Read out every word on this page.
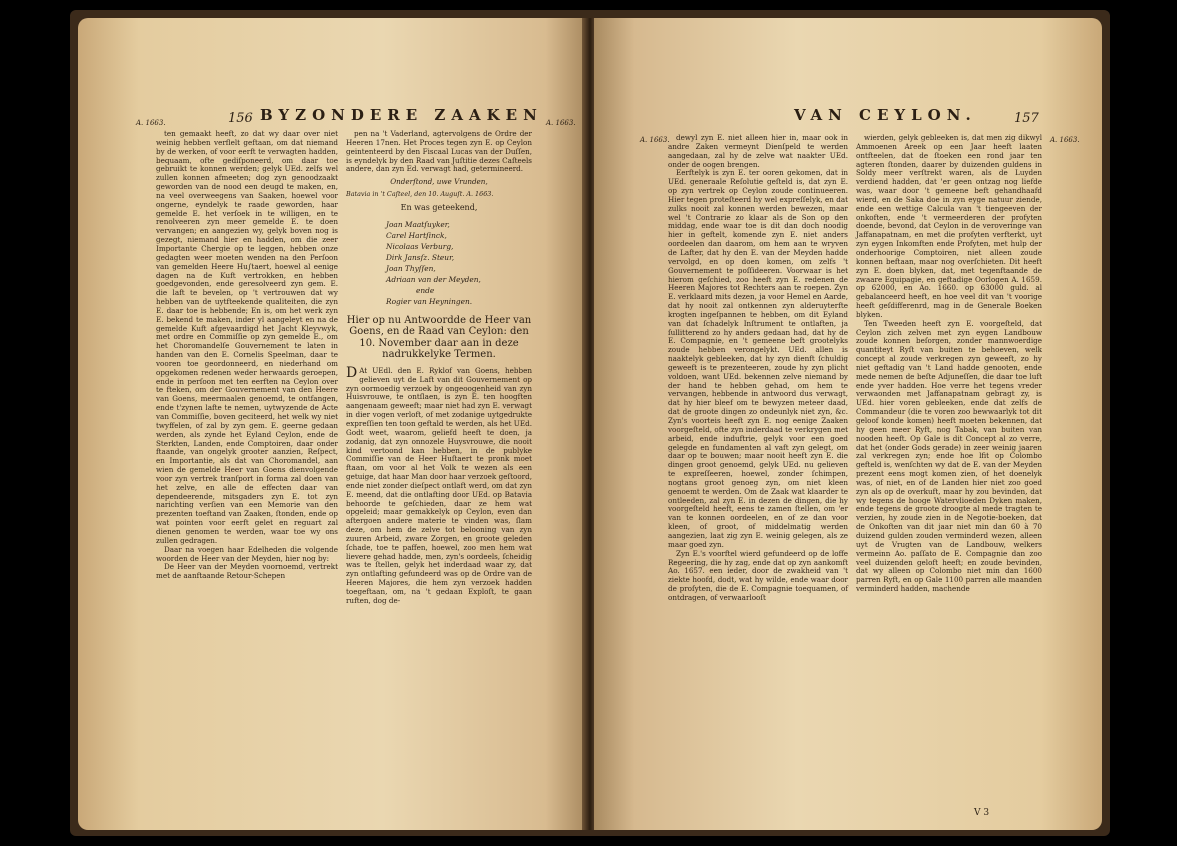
156 BYZONDERE ZAAKEN
A. 1663.	A. 1663.

ten gemaakt heeft, zo dat wy daar over niet weinig hebben verflelt geftaan, om dat niemand by de werken, of voor eerft te verwagten hadden, bequaam, ofte gediſponeerd, om daar toe gebruikt te konnen werden; gelyk UEd. zelfs wel zullen konnen afmeeten; dog zyn genoodzaakt geworden van de nood een deugd te maken, en, na veel overweegens van Saaken, hoewel voor ongerne, eyndelyk te raade geworden, haar gemelde E. het verſoek in te willigen, en te renolveeren zyn meer gemelde E. te doen vervangen; en aangezien wy, gelyk boven nog is gezegt, niemand hier en hadden, om die zeer Importante Chergie op te leggen, hebben onze gedagten weer moeten wenden na den Perſoon van gemelden Heere Hu∫taert, hoewel al eenige dagen na de Kuft vertrokken, en hebben goedgevonden, ende geresolveerd zyn gem. E. die laft te bevelen, op 't vertrouwen dat wy hebben van de uytfteekende qualiteiten, die zyn E. daar toe is hebbende; En is, om het werk zyn E. bekend te maken, inder yl aangeleyt en na de gemelde Kuft afgevaardigd het Jacht Kleyvwyk, met ordre en Commiſſie op zyn gemelde E., om het Choromandelſe Gouvernement te laten in handen van den E. Cornelis Speelman, daar te vooren toe geordonneerd, en niederhand om opgekomen redenen weder herwaards geroepen, ende in perſoon met ten eerften na Ceylon over te fteken, om der Gouvernement van den Heere van Goens, meermaalen genoemd, te ontfangen, ende t'zynen lafte te nemen, uytwyzende de Acte van Commiſſie, boven geciteerd, het welk wy niet twyffelen, of zal by zyn gem. E. geerne gedaan werden, als zynde het Eyland Ceylon, ende de Sterkten, Landen, ende Comptoiren, daar onder ftaande, van ongelyk grooter aanzien, Reſpect, en Importantie, als dat van Choromandel, aan wien de gemelde Heer van Goens dienvolgende voor zyn vertrek tranſport in forma zal doen van het zelve, en alle de effecten daar van dependeerende, mitsgaders zyn E. tot zyn narichting verſien van een Memorie van den prezenten toeftand van Zaaken, ſtonden, ende op wat pointen voor eerft gelet en reguart zal dienen genomen te werden, waar toe wy ons zullen gedragen.

Daar na voegen haar Edelheden die volgende woorden de Heer van der Meyden, hier nog by:

De Heer van der Meyden voornoemd, vertrekt met de aanftaande Retour-Schepen

pen na 't Vaderland, agtervolgens de Ordre der Heeren 17nen. Het Proces tegen zyn E. op Ceylon geintenteerd by den Fiscaal Lucas van der Duſſen, is eyndelyk by den Raad van Juſtitie dezes Caſteels andere, dan zyn Ed. verwagt had, getermineerd.

Onderſtond, uwe Vrunden,
Batavia in 't Caſteel, den 10. Auguſt. A. 1663.
En was geteekend,
Joan Maatſuyker,
Carel Hartſinck,
Nicolaas Verburg,
Dirk Jansſz. Steur,
Joan Thyſſen,
Adriaan van der Meyden,
ende
Rogier van Heyningen.
Hier op nu Antwoordde de Heer van Goens, en de Raad van Ceylon: den 10. November daar aan in deze nadrukkelyke Termen.

D At UEdl. den E. Ryklof van Goens, hebben gelieven uyt de Laft van dit Gouvernement op zyn oormoedig verzoek by ongeoogenheid van zyn Huisvrouwe, te ontſlaen, is zyn E. ten hoogften aangenaam geweeft; maar niet had zyn E. verwagt in dier vogen verloft, of met zodanige uytgedrukte expreſſien ten toon geftald te werden, als het UEd. Godt weet, waarom, geliefd heeft te doen, ja zodanig, dat zyn onnozele Huysvrouwe, die nooit kind vertoond kan hebben, in de publyke Commiſſie van de Heer Huſtaert te pronk moet ftaan, om voor al het Volk te wezen als een getuige, dat haar Man door haar verzoek geſtoord, ende niet zonder dieſpect ontlaft werd, om dat zyn E. meend, dat die ontlafting door UEd. op Batavia behoorde te geſchieden, daar ze hem wat opgeleid; maar gemakkelyk op Ceylon, even dan aftergoen andere materie te vinden was, ſlam deze, om hem de zelve tot belooning van zyn zuuren Arbeid, zware Zorgen, en groote geleden ſchade, toe te paffen, hoewel, zoo men hem wat lievere gehad hadde, men, zyn's oordeels, ſcheidig was te ſtellen, gelyk het inderdaad waar zy, dat zyn ontlafting gefundeerd was op de Ordre van de Heeren Majores, die hem zyn verzoek hadden toegeftaan, om, na 't gedaan Exploſt, te gaan ruften, dog de-

VAN CEYLON.	157
A. 1663.	A. 1663.

dewyl zyn E. niet alleen hier in, maar ook in andre Zaken vermeynt Dienſpeld te werden aangedaan, zal hy de zelve wat naakter UEd. onder de oogen brengen.

Eerftelyk is zyn E. ter ooren gekomen, dat in UEd. generaale Reſolutie geſteld is, dat zyn E. op zyn vertrek op Ceylon zoude continueeren. Hier tegen proteſteerd hy wel expreſſelyk, en dat zulks nooit zal konnen werden bewezen, maar wel 't Contrarie zo klaar als de Son op den middag, ende waar toe is dit dan doch noodig hier in geftelt, komende zyn E. niet anders oordeelen dan daarom, om hem aan te wryven de Lafter, dat hy den E. van der Meyden hadde vervolgd, en op doen komen, om zelfs 't Gouvernement te poſſideeren. Voorwaar is het hierom geſchied, zoo heeft zyn E. redenen de Heeren Majores tot Rechters aan te roepen. Zyn E. verklaard mits dezen, ja voor Hemel en Aarde, dat hy nooit zal ontkennen zyn alderuyterfte krogten ingeſpannen te hebben, om dit Eyland van dat ſchadelyk Inſtrument te ontlaften, ja ſullitterend zo hy anders gedaan had, dat hy de E. Compagnie, en 't gemeene beft grootelyks zoude hebben verongelykt. UEd. allen is naaktelyk gebleeken, dat hy zyn dienft ſchuldig geweeft is te prezenteeren, zoude hy zyn plicht voldoen, want UEd. bekennen zelve niemand by der hand te hebben gehad, om hem te vervangen, hebbende in antwoord dus verwagt, dat hy hier bleef om te bewyzen meteer daad, dat de groote dingen zo ondeunlyk niet zyn, &c. Zyn's voorteis heeft zyn E. nog eenige Zaaken voorgeſteld, ofte zyn inderdaad te verkrygen met arbeid, ende induftrie, gelyk voor een goed gelegde en fundamenten al vaft zyn gelegt, om daar op te bouwen; maar nooit heeft zyn E. die dingen groot genoemd, gelyk UEd. nu gelieven te expreſſeeren, hoewel, zonder ſchimpen, nogtans groot genoeg zyn, om niet kleen genoemt te werden. Om de Zaak wat klaarder te ontleeden, zal zyn E. in dezen de dingen, die hy voorgeſteld heeft, eens te zamen ſtellen, om 'er van te konnen oordeelen, en of ze dan voor kleen, of groot, of middelmatig werden aangezien, laat zig zyn E. weinig gelegen, als ze maar goed zyn.

Zyn E.'s voorftel wierd gefundeerd op de loffe Regeering, die hy zag, ende dat op zyn aankomft Ao. 1657. een ieder, door de zwakheid van 't ziekte hoofd, dodt, wat hy wilde, ende waar door de proſyten, die de E. Compagnie toequamen, of ontdragen, of verwaarlooſt

wierden, gelyk gebleeken is, dat men zig dikwyl Ammoenen Areek op een Jaar heeft laaten ontfteelen, dat de ſtoeken een rond jaar ten agteren ſtonden, daarer by duizenden guldens in Soldy meer verſtrekt waren, als de Luyden verdiend hadden, dat 'er geen ontzag nog liefde was, waar door 't gemeene beft gehandhaafd wierd, en de Saka doe in zyn eyge natuur ziende, ende een wettige Calcula van 't tiengeeven der onkoften, ende 't vermeerderen der profyten doende, bevond, dat Ceylon in de veroveringe van Jaffanapatnam, en met die profyten verfterkt, uyt zyn eygen Inkomften ende Profyten, met hulp der onderhoorige Comptoiren, niet alleen zoude konnen beftaan, maar nog overſchieten. Dit heeft zyn E. doen blyken, dat, met tegenftaande de zwaare Equipagie, en geftadige Oorlogen A. 1659. op 62000, en Ao. 1660. op 63000 guld. al gebalanceerd heeft, en hoe veel dit van 't voorige heeft geſdifferenrd, mag in de Generale Boeken blyken.

Ten Tweeden heeft zyn E. voorgeſteld, dat Ceylon zich zelven met zyn eygen Landbouw zoude konnen beſorgen, zonder mannwoerdige quantiteyt Ryſt van buiten te behoeven, welk concept al zoude verkregen zyn geweeft, zo hy niet geftadig van 't Land hadde genooten, ende mede nemen de beſte Adjuneſſen, die daar toe luft ende yver hadden. Hoe verre het tegens vreder verwaonden met Jaffanapatnam gebragt zy, is UEd. hier voren gebleeken, ende dat zelfs de Commandeur (die te voren zoo bewwaarlyk tot dit geloof konde komen) heeft moeten bekennen, dat hy geen meer Ryft, nog Tabak, van buiten van nooden heeft. Op Gale is dit Concept al zo verre, dat het (onder Gods gerade) in zeer weinig jaaren zal verkregen zyn; ende hoe lfit op Colombo gefteld is, wenſchten wy dat de E. van der Meyden prezent eens mogt komen zien, of het doenelyk was, of niet, en of de Landen hier niet zoo goed zyn als op de overkuft, maar hy zou bevinden, dat wy tegens de hooge Watervlioeden Dyken maken, ende tegens de groote droogte al mede tragten te verzien, hy zoude zien in de Negotie-boeken, dat de Onkoften van dit jaar niet min dan 60 à 70 duizend gulden zouden verminderd wezen, alleen uyt de Vrugten van de Landbouw, welkers vermeinn Ao. paſſato de E. Compagnie dan zoo veel duizenden geloft heeft; en zoude bevinden, dat wy alleen op Colombo niet min dan 1600 parren Ryft, en op Gale 1100 parren alle maanden verminderd hadden, machende

V 3
